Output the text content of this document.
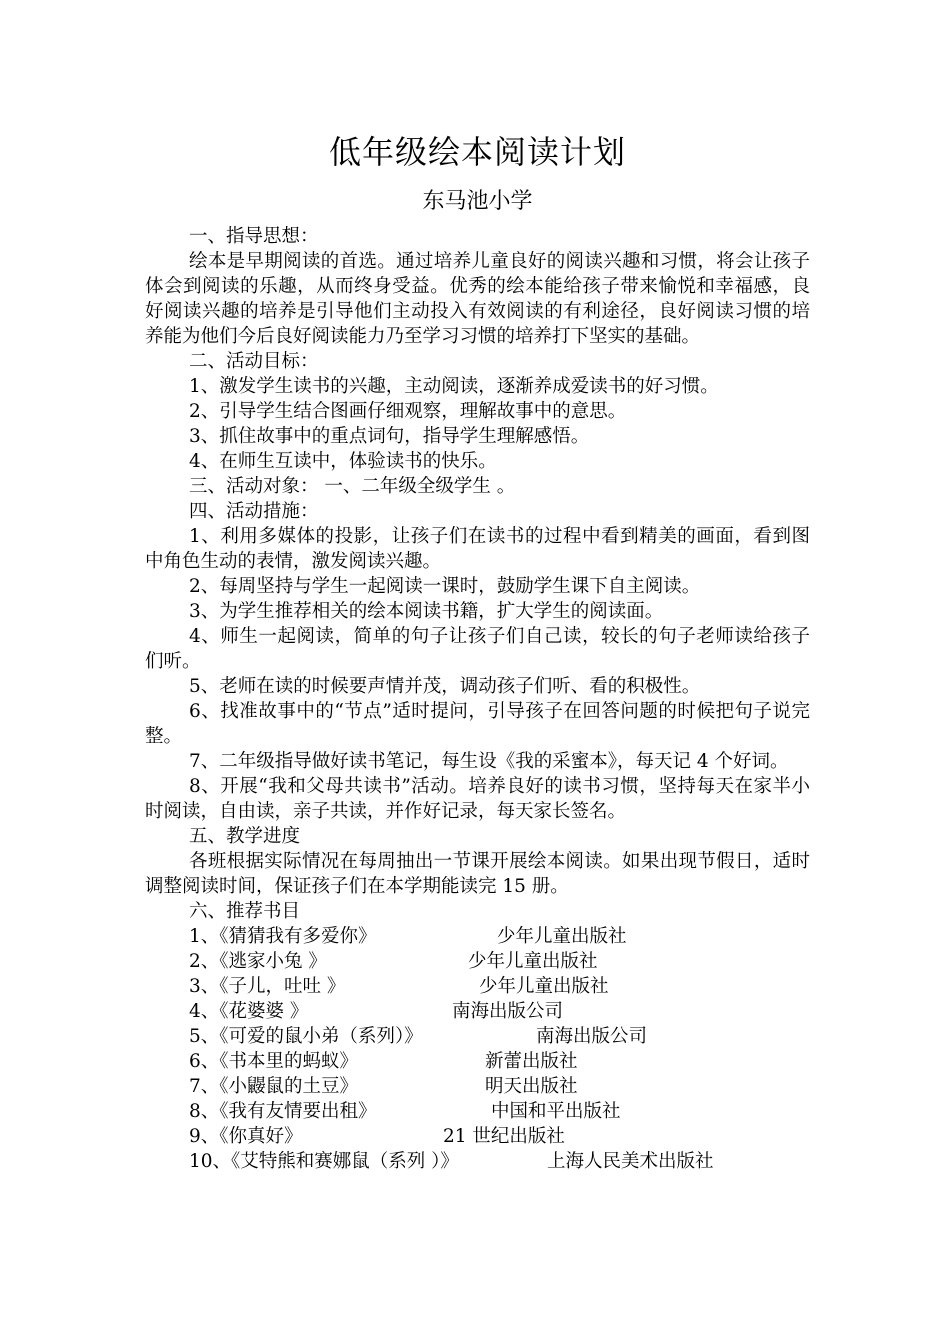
低年级绘本阅读计划
东马池小学

一、指导思想：

绘本是早期阅读的首选。通过培养儿童良好的阅读兴趣和习惯，将会让孩子体会到阅读的乐趣，从而终身受益。优秀的绘本能给孩子带来愉悦和幸福感，良好阅读兴趣的培养是引导他们主动投入有效阅读的有利途径，良好阅读习惯的培养能为他们今后良好阅读能力乃至学习习惯的培养打下坚实的基础。

二、活动目标：

1、激发学生读书的兴趣，主动阅读，逐渐养成爱读书的好习惯。

2、引导学生结合图画仔细观察，理解故事中的意思。

3、抓住故事中的重点词句，指导学生理解感悟。

4、在师生互读中，体验读书的快乐。

三、活动对象： 一、二年级全级学生 。

四、活动措施：

1、利用多媒体的投影，让孩子们在读书的过程中看到精美的画面，看到图中角色生动的表情，激发阅读兴趣。

2、每周坚持与学生一起阅读一课时，鼓励学生课下自主阅读。

3、为学生推荐相关的绘本阅读书籍，扩大学生的阅读面。

4、师生一起阅读，简单的句子让孩子们自己读，较长的句子老师读给孩子们听。

5、老师在读的时候要声情并茂，调动孩子们听、看的积极性。

6、找准故事中的“节点”适时提问，引导孩子在回答问题的时候把句子说完整。

7、二年级指导做好读书笔记，每生设《我的采蜜本》，每天记 4 个好词。

8、开展“我和父母共读书”活动。培养良好的读书习惯，坚持每天在家半小时阅读，自由读，亲子共读，并作好记录，每天家长签名。

五、教学进度

各班根据实际情况在每周抽出一节课开展绘本阅读。如果出现节假日，适时调整阅读时间，保证孩子们在本学期能读完 15 册。

六、推荐书目

1、《猜猜我有多爱你》	少年儿童出版社
2、《逃家小兔 》	少年儿童出版社
3、《子儿，吐吐 》	少年儿童出版社
4、《花婆婆 》	南海出版公司
5、《可爱的鼠小弟（系列）》	南海出版公司
6、《书本里的蚂蚁》	新蕾出版社
7、《小鼹鼠的土豆》	明天出版社
8、《我有友情要出租》	中国和平出版社
9、《你真好》	21 世纪出版社
10、《艾特熊和赛娜鼠（系列 ）》	上海人民美术出版社
